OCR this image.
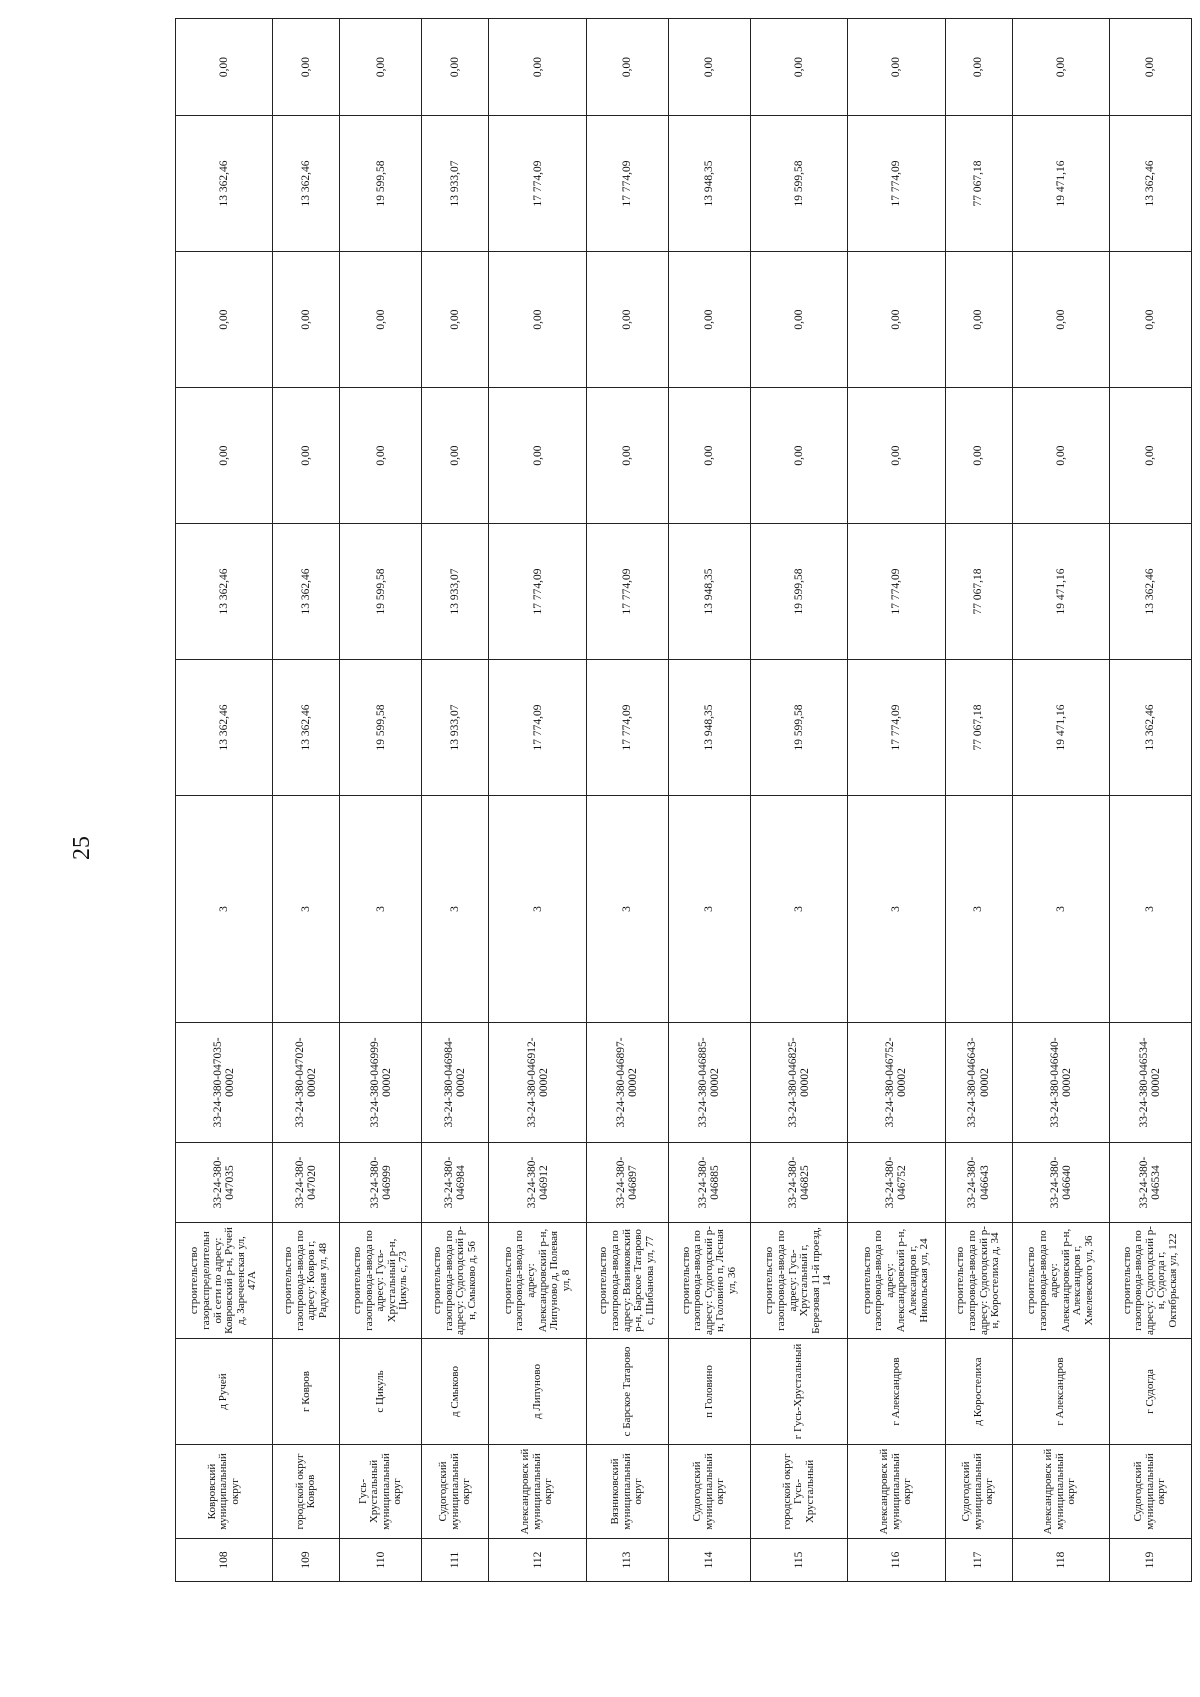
25
108	Ковровский муниципальный округ	д Ручей	строительство газораспределительн ой сети по адресу: Ковровский р-н, Ручей д, Заречеенская ул, 47А	33-24-380-047035	33-24-380-047035-00002	3	13 362,46	13 362,46	0,00	0,00	13 362,46	0,00
109	городской округ Ковров	г Ковров	строительство газопровода-ввода по адресу: Ковров г, Радужная ул, 48	33-24-380-047020	33-24-380-047020-00002	3	13 362,46	13 362,46	0,00	0,00	13 362,46	0,00
110	Гусь-Хрустальный муниципальный округ	с Цикуль	строительство газопровода-ввода по адресу: Гусь-Хрустальный р-н, Цикуль с, 73	33-24-380-046999	33-24-380-046999-00002	3	19 599,58	19 599,58	0,00	0,00	19 599,58	0,00
111	Судогодский муниципальный округ	д Смыково	строительство газопровода-ввода по адресу: Судогодский р-н, Смыково д, 56	33-24-380-046984	33-24-380-046984-00002	3	13 933,07	13 933,07	0,00	0,00	13 933,07	0,00
112	Александровск ий муниципальный округ	д Липуново	строительство газопровода-ввода по адресу: Александровский р-н, Липуново д, Полевая ул, 8	33-24-380-046912	33-24-380-046912-00002	3	17 774,09	17 774,09	0,00	0,00	17 774,09	0,00
113	Вязниковский муниципальный округ	с Барское Татарово	строительство газопровода-ввода по адресу: Вязниковский р-н, Барское Татарово с, Шибанова ул, 77	33-24-380-046897	33-24-380-046897-00002	3	17 774,09	17 774,09	0,00	0,00	17 774,09	0,00
114	Судогодский муниципальный округ	п Головино	строительство газопровода-ввода по адресу: Судогодский р-н, Головино п, Лесная ул, 36	33-24-380-046885	33-24-380-046885-00002	3	13 948,35	13 948,35	0,00	0,00	13 948,35	0,00
115	городской округ Гусь-Хрустальный	г Гусь-Хрустальный	строительство газопровода-ввода по адресу: Гусь-Хрустальный г, Березовая 11-й проезд, 14	33-24-380-046825	33-24-380-046825-00002	3	19 599,58	19 599,58	0,00	0,00	19 599,58	0,00
116	Александровск ий муниципальный округ	г Александров	строительство газопровода-ввода по адресу: Александровский р-н, Александров г, Никольская ул, 24	33-24-380-046752	33-24-380-046752-00002	3	17 774,09	17 774,09	0,00	0,00	17 774,09	0,00
117	Судогодский муниципальный округ	д Коростелиха	строительство газопровода-ввода по адресу: Судогодский р-н, Коростелиха д, 34	33-24-380-046643	33-24-380-046643-00002	3	77 067,18	77 067,18	0,00	0,00	77 067,18	0,00
118	Александровск ий муниципальный округ	г Александров	строительство газопровода-ввода по адресу: Александровский р-н, Александров г, Хмелевского ул, 36	33-24-380-046640	33-24-380-046640-00002	3	19 471,16	19 471,16	0,00	0,00	19 471,16	0,00
119	Судогодский муниципальный округ	г Судогда	строительство газопровода-ввода по адресу: Судогодский р-н, Судогда г, Октябрьская ул, 122	33-24-380-046534	33-24-380-046534-00002	3	13 362,46	13 362,46	0,00	0,00	13 362,46	0,00
